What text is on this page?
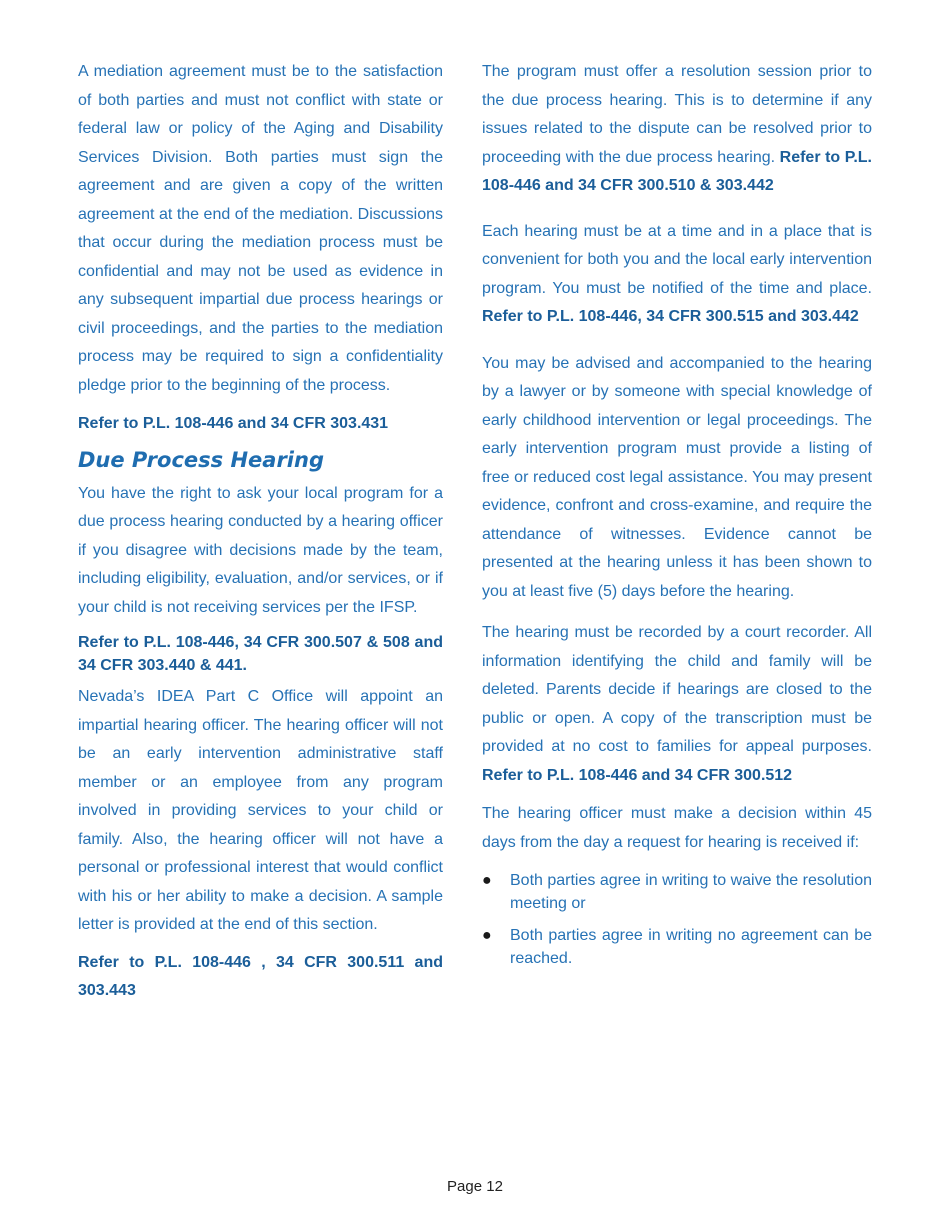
A mediation agreement must be to the satisfaction of both parties and must not conflict with state or federal law or policy of the Aging and Disability Services Division. Both parties must sign the agreement and are given a copy of the written agreement at the end of the mediation. Discussions that occur during the mediation process must be confidential and may not be used as evidence in any subsequent impartial due process hearings or civil proceedings, and the parties to the mediation process may be required to sign a confidentiality pledge prior to the beginning of the process.

Refer to P.L. 108-446 and 34 CFR 303.431

Due Process Hearing

You have the right to ask your local program for a due process hearing conducted by a hearing officer if you disagree with decisions made by the team, including eligibility, evaluation, and/or services, or if your child is not receiving services per the IFSP.

Refer to P.L. 108-446, 34 CFR 300.507 & 508 and 34 CFR 303.440 & 441.

Nevada’s IDEA Part C Office will appoint an impartial hearing officer. The hearing officer will not be an early intervention administrative staff member or an employee from any program involved in providing services to your child or family. Also, the hearing officer will not have a personal or professional interest that would conflict with his or her ability to make a decision. A sample letter is provided at the end of this section.

Refer to P.L. 108-446 , 34 CFR 300.511 and 303.443

The program must offer a resolution session prior to the due process hearing. This is to determine if any issues related to the dispute can be resolved prior to proceeding with the due process hearing. Refer to P.L. 108-446 and 34 CFR 300.510 & 303.442

Each hearing must be at a time and in a place that is convenient for both you and the local early intervention program. You must be notified of the time and place. Refer to P.L. 108-446, 34 CFR 300.515 and 303.442

You may be advised and accompanied to the hearing by a lawyer or by someone with special knowledge of early childhood intervention or legal proceedings. The early intervention program must provide a listing of free or reduced cost legal assistance. You may present evidence, confront and cross-examine, and require the attendance of witnesses. Evidence cannot be presented at the hearing unless it has been shown to you at least five (5) days before the hearing.

The hearing must be recorded by a court recorder. All information identifying the child and family will be deleted. Parents decide if hearings are closed to the public or open. A copy of the transcription must be provided at no cost to families for appeal purposes. Refer to P.L. 108-446 and 34 CFR 300.512

The hearing officer must make a decision within 45 days from the day a request for hearing is received if:

● Both parties agree in writing to waive the resolution meeting or
● Both parties agree in writing no agreement can be reached.
Page 12
